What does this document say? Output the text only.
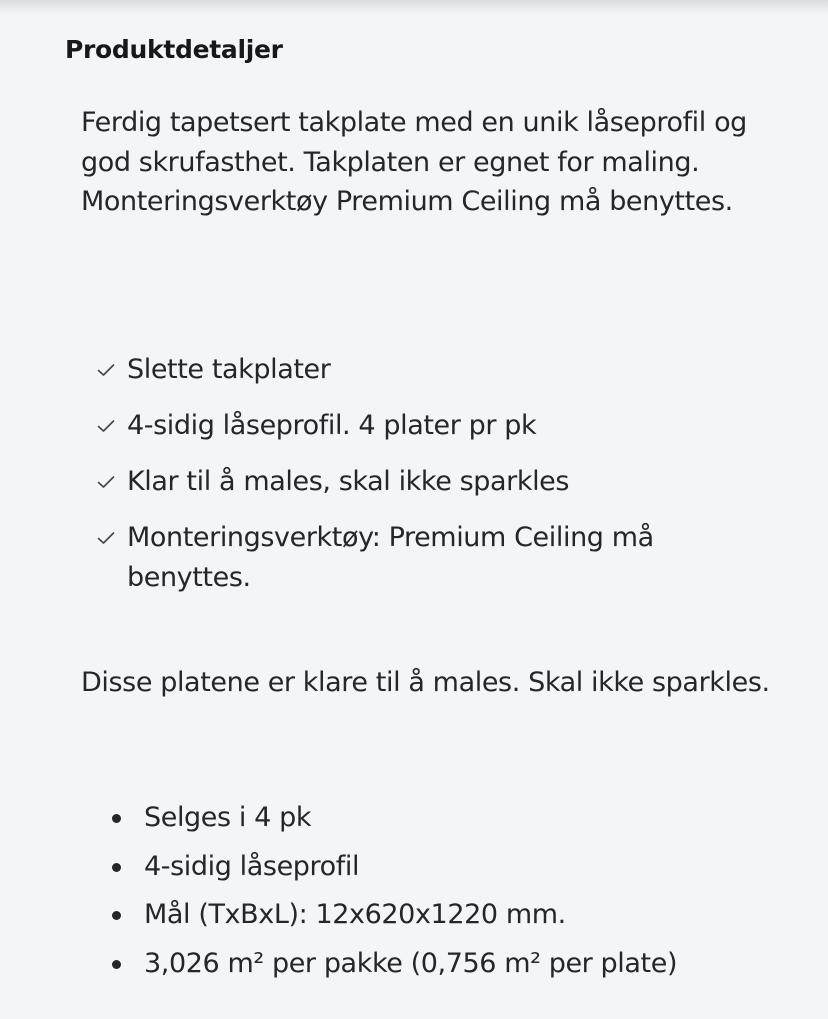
Produktdetaljer

Ferdig tapetsert takplate med en unik låseprofil og god skrufasthet. Takplaten er egnet for maling. Monteringsverktøy Premium Ceiling må benyttes.

Slette takplater
4-sidig låseprofil. 4 plater pr pk
Klar til å males, skal ikke sparkles
Monteringsverktøy: Premium Ceiling må benyttes.

Disse platene er klare til å males. Skal ikke sparkles.

Selges i 4 pk
4-sidig låseprofil
Mål (TxBxL): 12x620x1220 mm.
3,026 m² per pakke (0,756 m² per plate)
